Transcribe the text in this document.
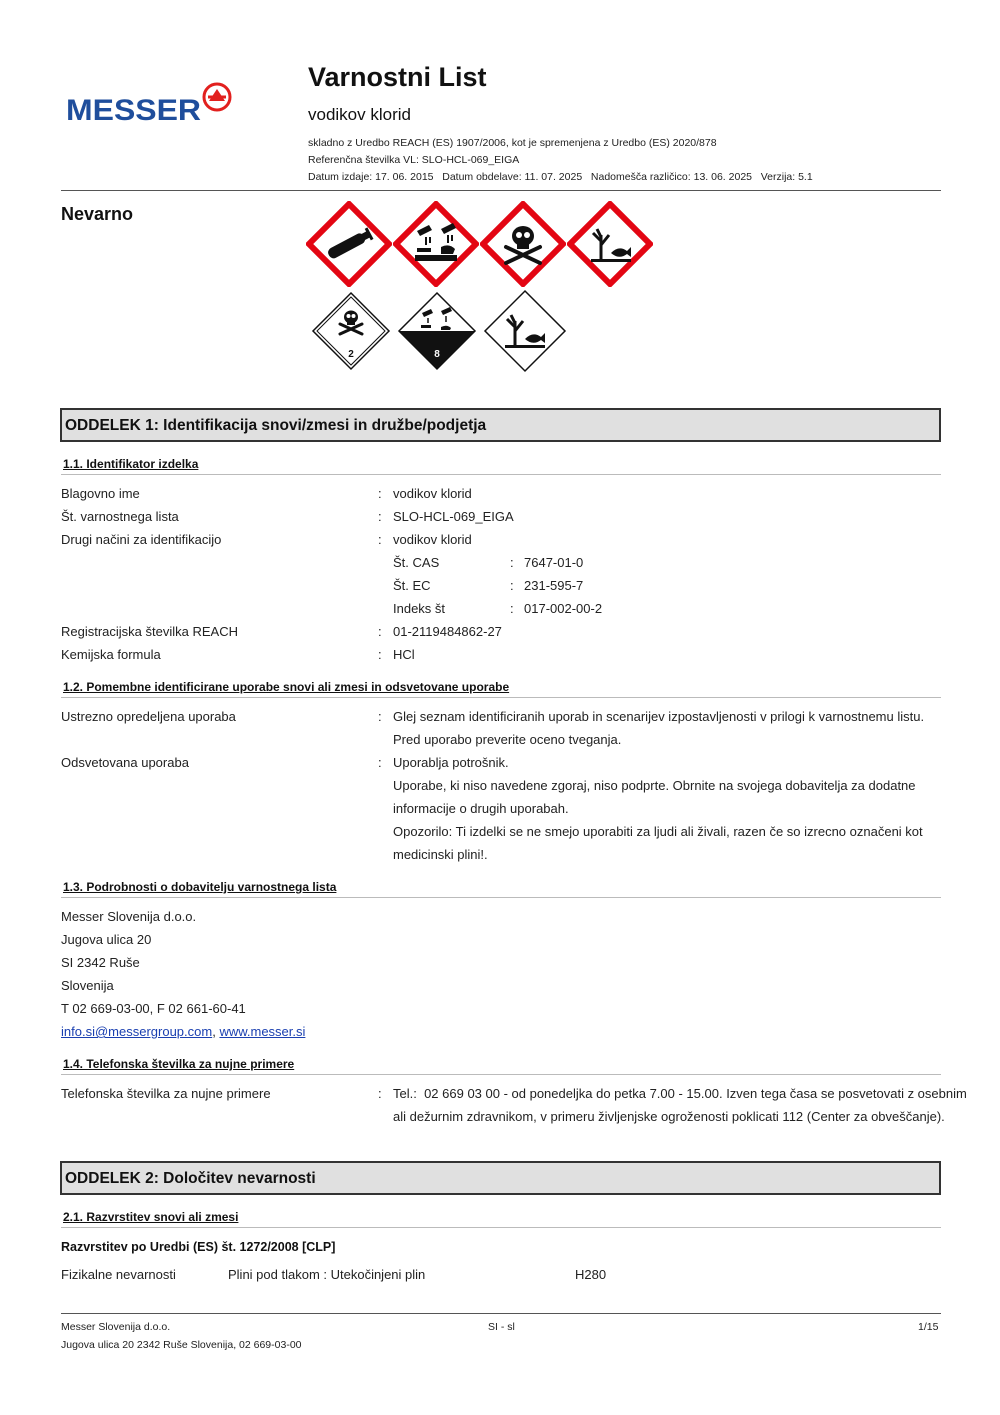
MESSER
Varnostni List
vodikov klorid
skladno z Uredbo REACH (ES) 1907/2006, kot je spremenjena z Uredbo (ES) 2020/878
Referenčna številka VL: SLO-HCL-069_EIGA
Datum izdaje: 17. 06. 2015   Datum obdelave: 11. 07. 2025   Nadomešča različico: 13. 06. 2025   Verzija: 5.1
Nevarno
2	8
ODDELEK 1: Identifikacija snovi/zmesi in družbe/podjetja
1.1. Identifikator izdelka
Blagovno ime	: vodikov klorid
Št. varnostnega lista	: SLO-HCL-069_EIGA
Drugi načini za identifikacijo	: vodikov klorid
Št. CAS	: 7647-01-0
Št. EC	: 231-595-7
Indeks št	: 017-002-00-2
Registracijska številka REACH	: 01-2119484862-27
Kemijska formula	: HCl
1.2. Pomembne identificirane uporabe snovi ali zmesi in odsvetovane uporabe
Ustrezno opredeljena uporaba	: Glej seznam identificiranih uporab in scenarijev izpostavljenosti v prilogi k varnostnemu listu.
Pred uporabo preverite oceno tveganja.
Odsvetovana uporaba	: Uporablja potrošnik.
Uporabe, ki niso navedene zgoraj, niso podprte. Obrnite na svojega dobavitelja za dodatne
informacije o drugih uporabah.
Opozorilo: Ti izdelki se ne smejo uporabiti za ljudi ali živali, razen če so izrecno označeni kot
medicinski plini!.
1.3. Podrobnosti o dobavitelju varnostnega lista
Messer Slovenija d.o.o.
Jugova ulica 20
SI 2342 Ruše
Slovenija
T 02 669-03-00, F 02 661-60-41
info.si@messergroup.com, www.messer.si
1.4. Telefonska številka za nujne primere
Telefonska številka za nujne primere	: Tel.:  02 669 03 00 - od ponedeljka do petka 7.00 - 15.00. Izven tega časa se posvetovati z osebnim
ali dežurnim zdravnikom, v primeru življenjske ogroženosti poklicati 112 (Center za obveščanje).
ODDELEK 2: Določitev nevarnosti
2.1. Razvrstitev snovi ali zmesi
Razvrstitev po Uredbi (ES) št. 1272/2008 [CLP]
Fizikalne nevarnosti	Plini pod tlakom : Utekočinjeni plin	H280
Messer Slovenija d.o.o.
Jugova ulica 20 2342 Ruše Slovenija, 02 669-03-00
SI - sl	1/15
